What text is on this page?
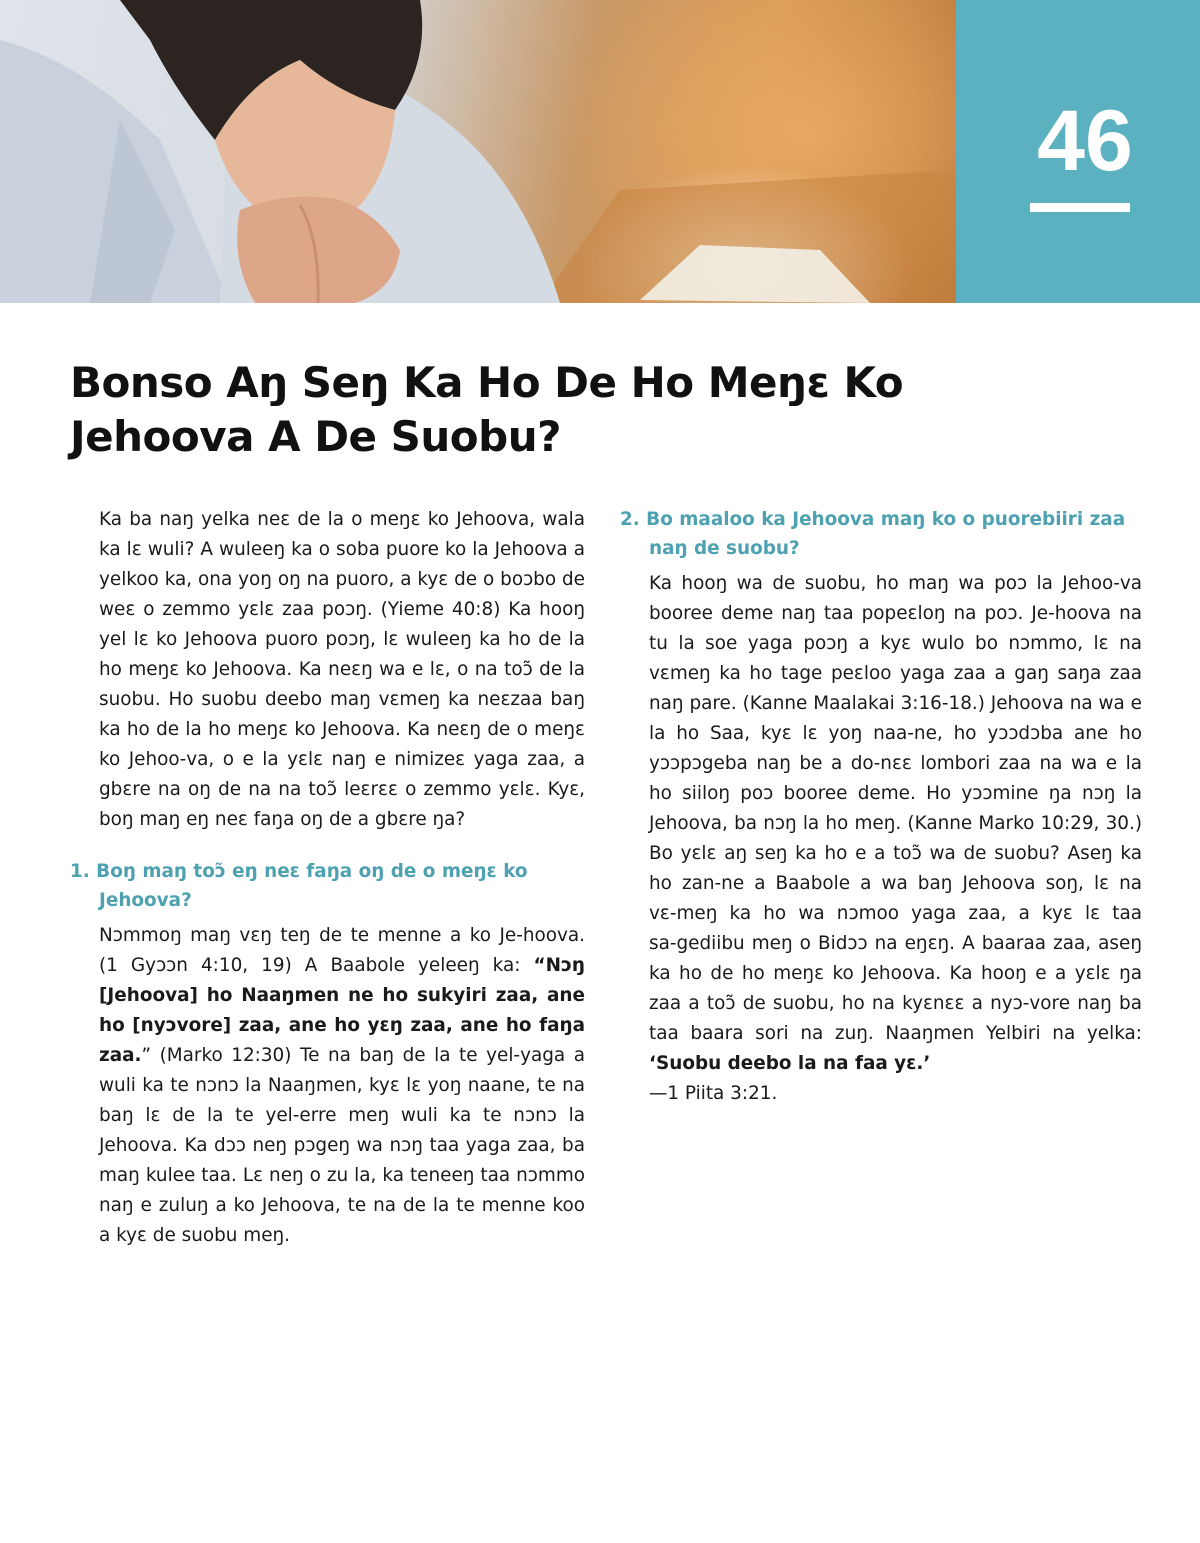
46
Bonso Aŋ Seŋ Ka Ho De Ho Meŋɛ Ko Jehoova A De Suobu?

Ka ba naŋ yelka neɛ de la o meŋɛ ko Jehoova, wala ka lɛ wuli? A wuleeŋ ka o soba puore ko la Jehoova a yelkoo ka, ona yoŋ oŋ na puoro, a kyɛ de o boɔbo de weɛ o zemmo yɛlɛ zaa poɔŋ. (Yieme 40:8) Ka hooŋ yel lɛ ko Jehoova puoro poɔŋ, lɛ wuleeŋ ka ho de la ho meŋɛ ko Jehoova. Ka neɛŋ wa e lɛ, o na toɔ̃ de la suobu. Ho suobu deebo maŋ vɛmeŋ ka neɛzaa baŋ ka ho de la ho meŋɛ ko Jehoova. Ka neɛŋ de o meŋɛ ko Jehoo‑va, o e la yɛlɛ naŋ e nimizeɛ yaga zaa, a gbɛre na oŋ de na na toɔ̃ leɛrɛɛ o zemmo yɛlɛ. Kyɛ, boŋ maŋ eŋ neɛ faŋa oŋ de a gbɛre ŋa?

1. Boŋ maŋ toɔ̃ eŋ neɛ faŋa oŋ de o meŋɛ ko Jehoova?

Nɔmmoŋ maŋ vɛŋ teŋ de te menne a ko Je‑hoova. (1 Gyɔɔn 4:10, 19) A Baabole yeleeŋ ka: “Nɔŋ [Jehoova] ho Naaŋmen ne ho sukyiri zaa, ane ho [nyɔvore] zaa, ane ho yɛŋ zaa, ane ho faŋa zaa.” (Marko 12:30) Te na baŋ de la te yel‑yaga a wuli ka te nɔnɔ la Naaŋmen, kyɛ lɛ yoŋ naane, te na baŋ lɛ de la te yel‑erre meŋ wuli ka te nɔnɔ la Jehoova. Ka dɔɔ neŋ pɔgeŋ wa nɔŋ taa yaga zaa, ba maŋ kulee taa. Lɛ neŋ o zu la, ka teneeŋ taa nɔmmo naŋ e zuluŋ a ko Jehoova, te na de la te menne koo a kyɛ de suobu meŋ.

2. Bo maaloo ka Jehoova maŋ ko o puorebiiri zaa naŋ de suobu?

Ka hooŋ wa de suobu, ho maŋ wa poɔ la Jehoo‑va booree deme naŋ taa popeɛloŋ na poɔ. Je‑hoova na tu la soe yaga poɔŋ a kyɛ wulo bo nɔmmo, lɛ na vɛmeŋ ka ho tage peɛloo yaga zaa a gaŋ saŋa zaa naŋ pare. (Kanne Maalakai 3:16‑18.) Jehoova na wa e la ho Saa, kyɛ lɛ yoŋ naa‑ne, ho yɔɔdɔba ane ho yɔɔpɔgeba naŋ be a do‑nɛɛ lombori zaa na wa e la ho siiloŋ poɔ booree deme. Ho yɔɔmine ŋa nɔŋ la Jehoova, ba nɔŋ la ho meŋ. (Kanne Marko 10:29, 30.) Bo yɛlɛ aŋ seŋ ka ho e a toɔ̃ wa de suobu? Aseŋ ka ho zan‑ne a Baabole a wa baŋ Jehoova soŋ, lɛ na vɛ‑meŋ ka ho wa nɔmoo yaga zaa, a kyɛ lɛ taa sa‑gediibu meŋ o Bidɔɔ na eŋɛŋ. A baaraa zaa, aseŋ ka ho de ho meŋɛ ko Jehoova. Ka hooŋ e a yɛlɛ ŋa zaa a toɔ̃ de suobu, ho na kyɛnɛɛ a nyɔ‑vore naŋ ba taa baara sori na zuŋ. Naaŋmen Yelbiri na yelka: ‘Suobu deebo la na faa yɛ.’
—1 Piita 3:21.
